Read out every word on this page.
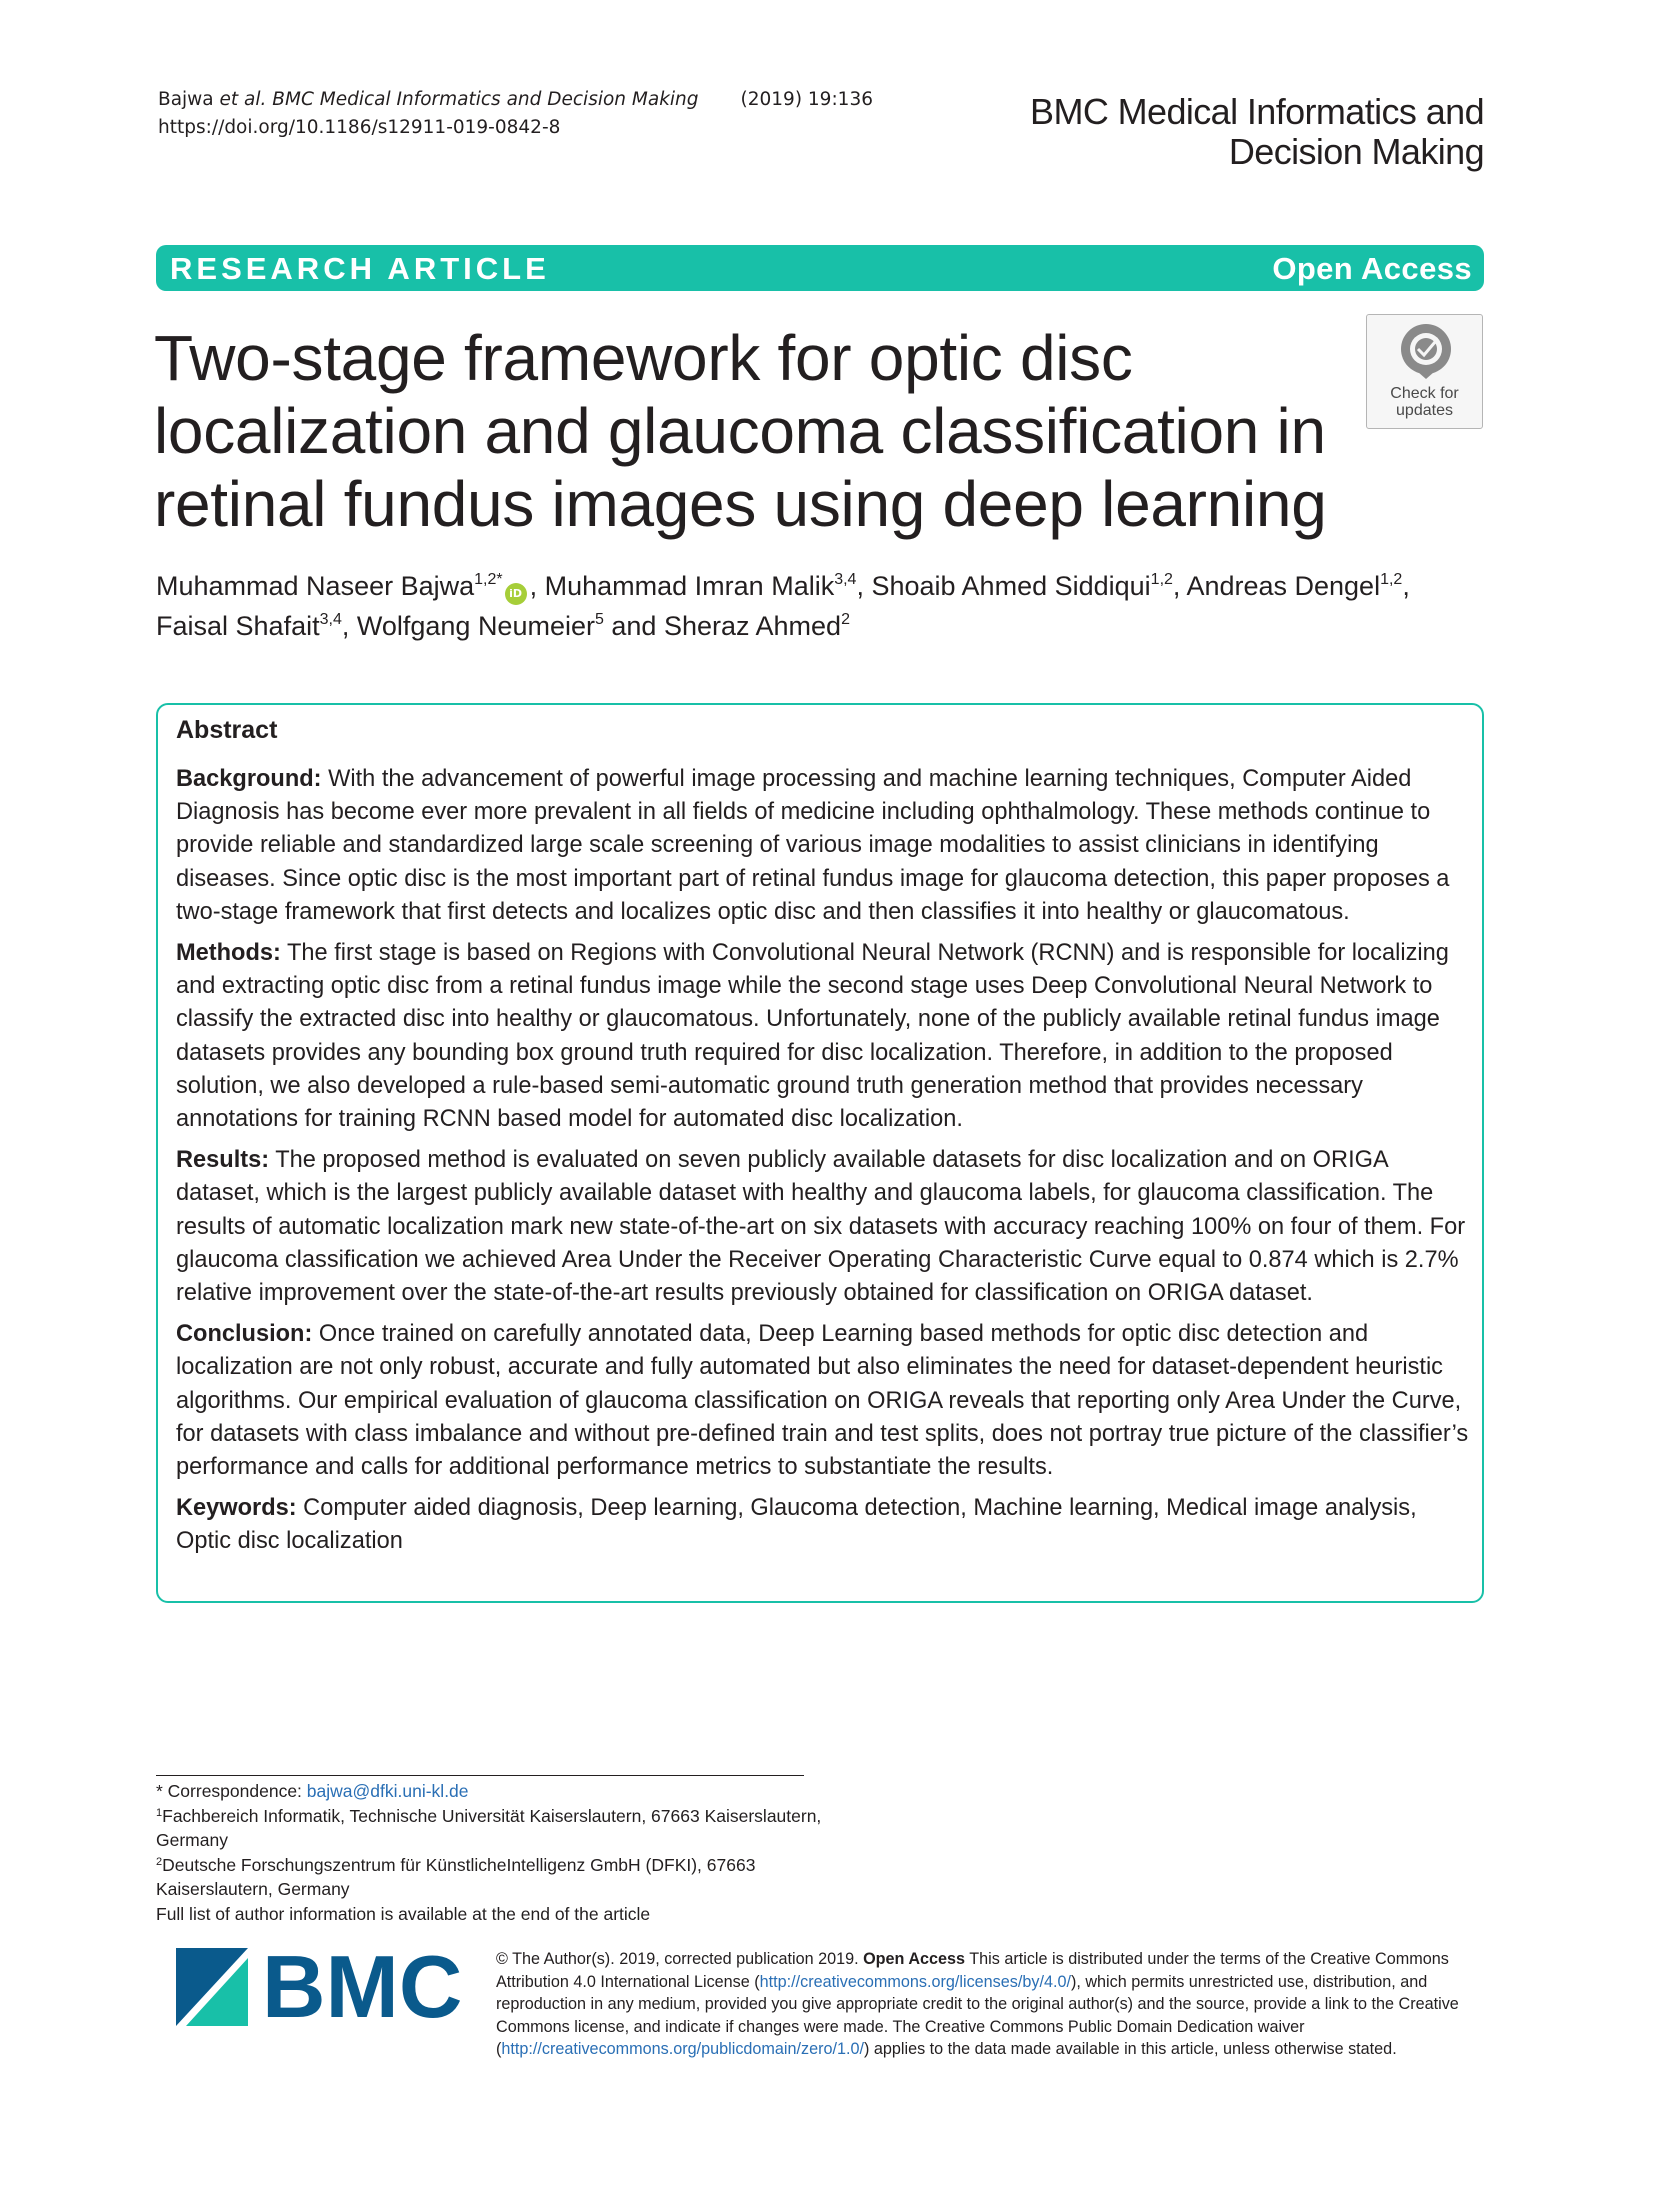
Bajwa et al. BMC Medical Informatics and Decision Making (2019) 19:136
https://doi.org/10.1186/s12911-019-0842-8	BMC Medical Informatics and
Decision Making
RESEARCH ARTICLE	Open Access
Two-stage framework for optic disc
localization and glaucoma classification in
retinal fundus images using deep learning
Check for
updates
Muhammad Naseer Bajwa$^{1,2*}$iD , Muhammad Imran Malik$^{3,4}$, Shoaib Ahmed Siddiqui$^{1,2}$, Andreas Dengel$^{1,2}$,
Faisal Shafait$^{3,4}$, Wolfgang Neumeier$^5$ and Sheraz Ahmed$^2$
Abstract

Background: With the advancement of powerful image processing and machine learning techniques, Computer Aided Diagnosis has become ever more prevalent in all fields of medicine including ophthalmology. These methods continue to provide reliable and standardized large scale screening of various image modalities to assist clinicians in identifying diseases. Since optic disc is the most important part of retinal fundus image for glaucoma detection, this paper proposes a two-stage framework that first detects and localizes optic disc and then classifies it into healthy or glaucomatous.

Methods: The first stage is based on Regions with Convolutional Neural Network (RCNN) and is responsible for localizing and extracting optic disc from a retinal fundus image while the second stage uses Deep Convolutional Neural Network to classify the extracted disc into healthy or glaucomatous. Unfortunately, none of the publicly available retinal fundus image datasets provides any bounding box ground truth required for disc localization. Therefore, in addition to the proposed solution, we also developed a rule-based semi-automatic ground truth generation method that provides necessary annotations for training RCNN based model for automated disc localization.

Results: The proposed method is evaluated on seven publicly available datasets for disc localization and on ORIGA dataset, which is the largest publicly available dataset with healthy and glaucoma labels, for glaucoma classification. The results of automatic localization mark new state-of-the-art on six datasets with accuracy reaching 100% on four of them. For glaucoma classification we achieved Area Under the Receiver Operating Characteristic Curve equal to 0.874 which is 2.7% relative improvement over the state-of-the-art results previously obtained for classification on ORIGA dataset.

Conclusion: Once trained on carefully annotated data, Deep Learning based methods for optic disc detection and localization are not only robust, accurate and fully automated but also eliminates the need for dataset-dependent heuristic algorithms. Our empirical evaluation of glaucoma classification on ORIGA reveals that reporting only Area Under the Curve, for datasets with class imbalance and without pre-defined train and test splits, does not portray true picture of the classifier’s performance and calls for additional performance metrics to substantiate the results.

Keywords: Computer aided diagnosis, Deep learning, Glaucoma detection, Machine learning, Medical image analysis, Optic disc localization

* Correspondence: bajwa@dfki.uni-kl.de
$^1$Fachbereich Informatik, Technische Universität Kaiserslautern, 67663 Kaiserslautern, Germany
$^2$Deutsche Forschungszentrum für KünstlicheIntelligenz GmbH (DFKI), 67663 Kaiserslautern, Germany
Full list of author information is available at the end of the article
BMC © The Author(s). 2019, corrected publication 2019. Open Access This article is distributed under the terms of the Creative Commons Attribution 4.0 International License (http://creativecommons.org/licenses/by/4.0/), which permits unrestricted use, distribution, and reproduction in any medium, provided you give appropriate credit to the original author(s) and the source, provide a link to the Creative Commons license, and indicate if changes were made. The Creative Commons Public Domain Dedication waiver (http://creativecommons.org/publicdomain/zero/1.0/) applies to the data made available in this article, unless otherwise stated.
